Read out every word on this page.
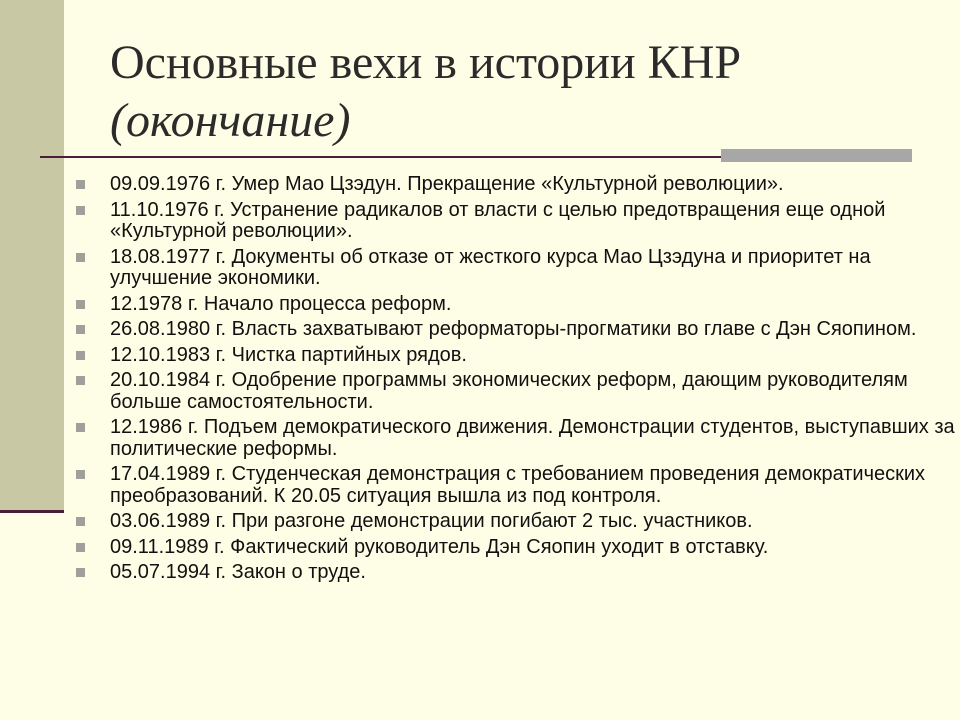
Основные вехи в истории КНР
(окончание)
09.09.1976 г. Умер Мао Цзэдун. Прекращение «Культурной революции».
11.10.1976 г. Устранение радикалов от власти с целью предотвращения еще одной «Культурной революции».
18.08.1977 г. Документы об отказе от жесткого курса Мао Цзэдуна и приоритет на улучшение экономики.
12.1978 г. Начало процесса реформ.
26.08.1980 г. Власть захватывают реформаторы-прогматики во главе с Дэн Сяопином.
12.10.1983 г. Чистка партийных рядов.
20.10.1984 г. Одобрение программы экономических реформ, дающим руководителям больше самостоятельности.
12.1986 г. Подъем демократического движения. Демонстрации студентов, выступавших за политические реформы.
17.04.1989 г. Студенческая демонстрация с требованием проведения демократических преобразований. К 20.05 ситуация вышла из под контроля.
03.06.1989 г. При разгоне демонстрации погибают 2 тыс. участников.
09.11.1989 г. Фактический руководитель Дэн Сяопин уходит в отставку.
05.07.1994 г. Закон о труде.
